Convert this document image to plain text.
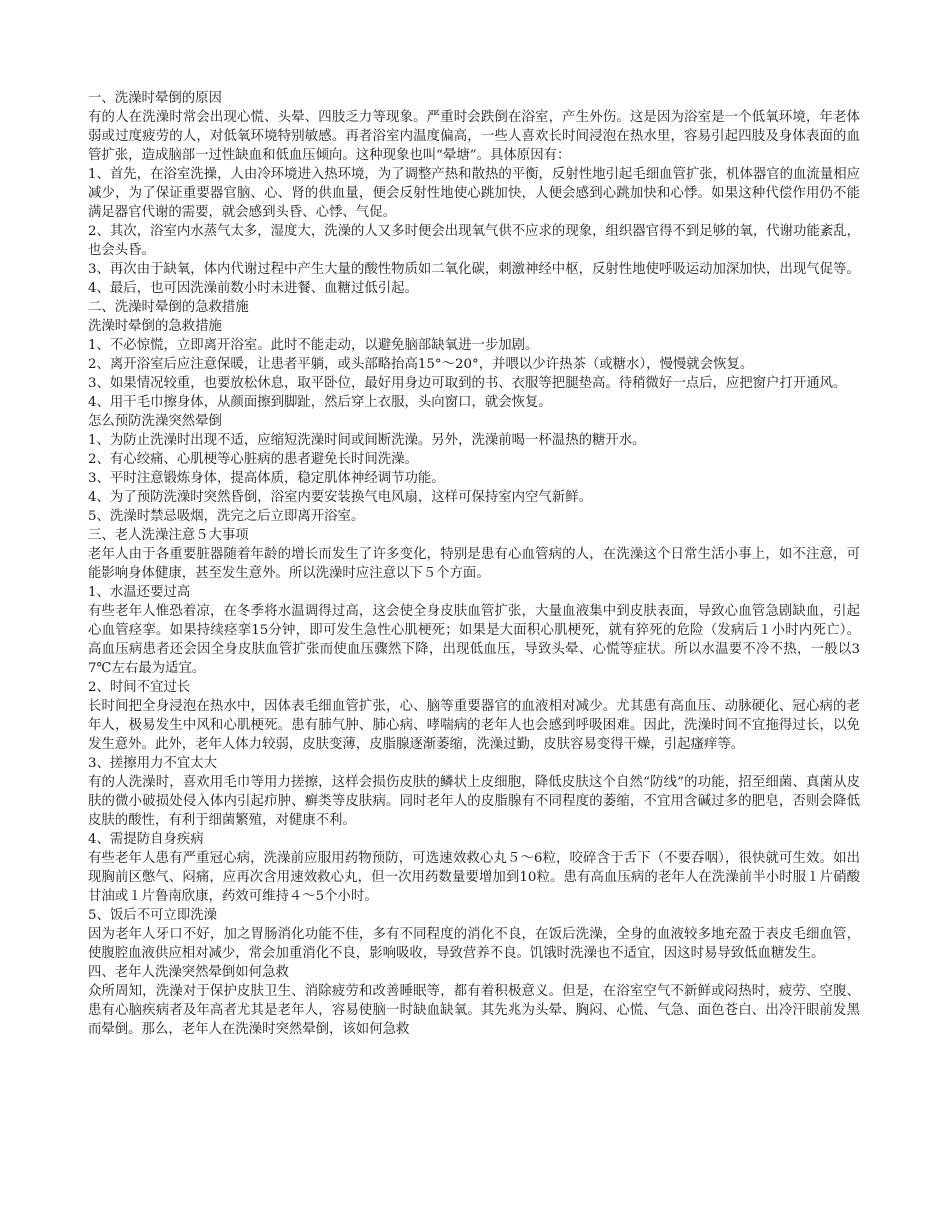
一、洗澡时晕倒的原因

有的人在洗澡时常会出现心慌、头晕、四肢乏力等现象。严重时会跌倒在浴室，产生外伤。这是因为浴室是一个低氧环境，年老体弱或过度疲劳的人，对低氧环境特别敏感。再者浴室内温度偏高，一些人喜欢长时间浸泡在热水里，容易引起四肢及身体表面的血管扩张，造成脑部一过性缺血和低血压倾向。这种现象也叫“晕塘”。具体原因有：

1、首先，在浴室洗操，人由冷环境进入热环境，为了调整产热和散热的平衡，反射性地引起毛细血管扩张，机体器官的血流量相应减少，为了保证重要器官脑、心、肾的供血量，便会反射性地使心跳加快，人便会感到心跳加快和心悸。如果这种代偿作用仍不能满足器官代谢的需要，就会感到头昏、心悸、气促。

2、其次，浴室内水蒸气太多，湿度大，洗澡的人又多时便会出现氧气供不应求的现象，组织器官得不到足够的氧，代谢功能紊乱，也会头昏。

3、再次由于缺氧，体内代谢过程中产生大量的酸性物质如二氧化碳，刺激神经中枢，反射性地使呼吸运动加深加快，出现气促等。

4、最后，也可因洗澡前数小时未进餐、血糖过低引起。

二、洗澡时晕倒的急救措施

洗澡时晕倒的急救措施

1、不必惊慌，立即离开浴室。此时不能走动，以避免脑部缺氧进一步加剧。

2、离开浴室后应注意保暖，让患者平躺，或头部略抬高15°～20°，并喂以少许热茶（或糖水），慢慢就会恢复。

3、如果情况较重，也要放松休息，取平卧位，最好用身边可取到的书、衣服等把腿垫高。待稍微好一点后，应把窗户打开通风。

4、用干毛巾擦身体，从颜面擦到脚趾，然后穿上衣服，头向窗口，就会恢复。

怎么预防洗澡突然晕倒

1、为防止洗澡时出现不适，应缩短洗澡时间或间断洗澡。另外，洗澡前喝一杯温热的糖开水。

2、有心绞痛、心肌梗等心脏病的患者避免长时间洗澡。

3、平时注意锻炼身体，提高体质，稳定肌体神经调节功能。

4、为了预防洗澡时突然昏倒，浴室内要安装换气电风扇，这样可保持室内空气新鲜。

5、洗澡时禁忌吸烟，洗完之后立即离开浴室。

三、老人洗澡注意５大事项

老年人由于各重要脏器随着年龄的增长而发生了许多变化，特别是患有心血管病的人，在洗澡这个日常生活小事上，如不注意，可能影响身体健康，甚至发生意外。所以洗澡时应注意以下５个方面。

1、水温还要过高

有些老年人惟恐着凉，在冬季将水温调得过高，这会使全身皮肤血管扩张，大量血液集中到皮肤表面，导致心血管急剧缺血，引起心血管痉挛。如果持续痉挛15分钟，即可发生急性心肌梗死；如果是大面积心肌梗死，就有猝死的危险（发病后１小时内死亡）。高血压病患者还会因全身皮肤血管扩张而使血压骤然下降，出现低血压，导致头晕、心慌等症状。所以水温要不冷不热，一般以37℃左右最为适宜。

2、时间不宜过长

长时间把全身浸泡在热水中，因体表毛细血管扩张，心、脑等重要器官的血液相对减少。尤其患有高血压、动脉硬化、冠心病的老年人，极易发生中风和心肌梗死。患有肺气肿、肺心病、哮喘病的老年人也会感到呼吸困难。因此，洗澡时间不宜拖得过长，以免发生意外。此外，老年人体力较弱，皮肤变薄，皮脂腺逐渐萎缩，洗澡过勤，皮肤容易变得干燥，引起瘙痒等。

3、搓擦用力不宜太大

有的人洗澡时，喜欢用毛巾等用力搓擦，这样会损伤皮肤的鳞状上皮细胞，降低皮肤这个自然“防线”的功能，招至细菌、真菌从皮肤的微小破损处侵入体内引起疖肿、癣类等皮肤病。同时老年人的皮脂腺有不同程度的萎缩，不宜用含碱过多的肥皂，否则会降低皮肤的酸性，有利于细菌繁殖，对健康不利。

4、需提防自身疾病

有些老年人患有严重冠心病，洗澡前应服用药物预防，可选速效救心丸５～6粒，咬碎含于舌下（不要吞咽），很快就可生效。如出现胸前区憋气、闷痛，应再次含用速效救心丸，但一次用药数量要增加到10粒。患有高血压病的老年人在洗澡前半小时服１片硝酸甘油或１片鲁南欣康，药效可维持４～5个小时。

5、饭后不可立即洗澡

因为老年人牙口不好，加之胃肠消化功能不佳，多有不同程度的消化不良，在饭后洗澡，全身的血液较多地充盈于表皮毛细血管，使腹腔血液供应相对减少，常会加重消化不良，影响吸收，导致营养不良。饥饿时洗澡也不适宜，因这时易导致低血糖发生。

四、老年人洗澡突然晕倒如何急救

众所周知，洗澡对于保护皮肤卫生、消除疲劳和改善睡眠等，都有着积极意义。但是，在浴室空气不新鲜或闷热时，疲劳、空腹、患有心脑疾病者及年高者尤其是老年人，容易使脑一时缺血缺氧。其先兆为头晕、胸闷、心慌、气急、面色苍白、出冷汗眼前发黑而晕倒。那么，老年人在洗澡时突然晕倒，该如何急救
